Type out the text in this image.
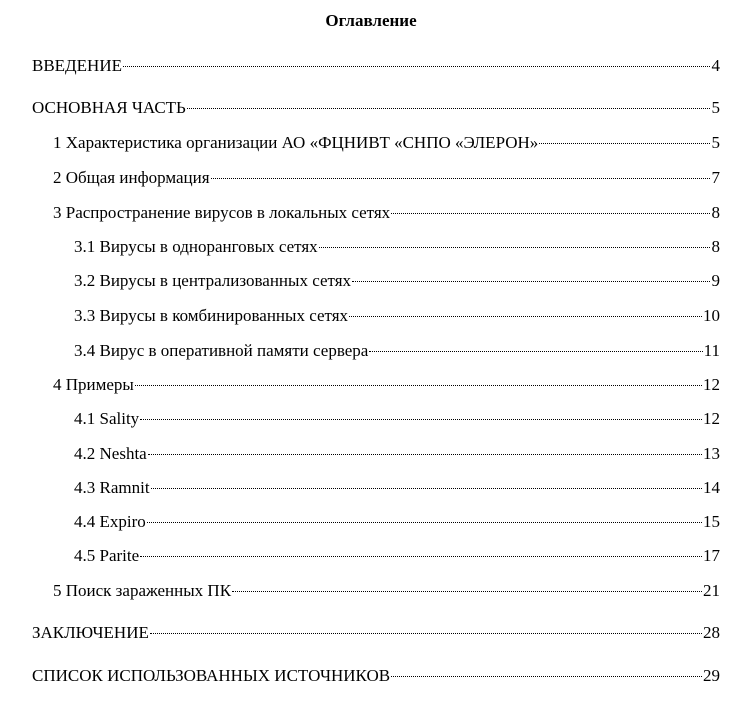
Оглавление
ВВЕДЕНИЕ	4
ОСНОВНАЯ ЧАСТЬ	5
1 Характеристика организации АО «ФЦНИВТ «СНПО «ЭЛЕРОН»	5
2 Общая информация	7
3 Распространение вирусов в локальных сетях	8
3.1 Вирусы в одноранговых сетях	8
3.2 Вирусы в централизованных сетях	9
3.3 Вирусы в комбинированных сетях	10
3.4 Вирус в оперативной памяти сервера	11
4 Примеры	12
4.1 Sality	12
4.2 Neshta	13
4.3 Ramnit	14
4.4 Expiro	15
4.5 Parite	17
5 Поиск зараженных ПК	21
ЗАКЛЮЧЕНИЕ	28
СПИСОК ИСПОЛЬЗОВАННЫХ ИСТОЧНИКОВ	29
